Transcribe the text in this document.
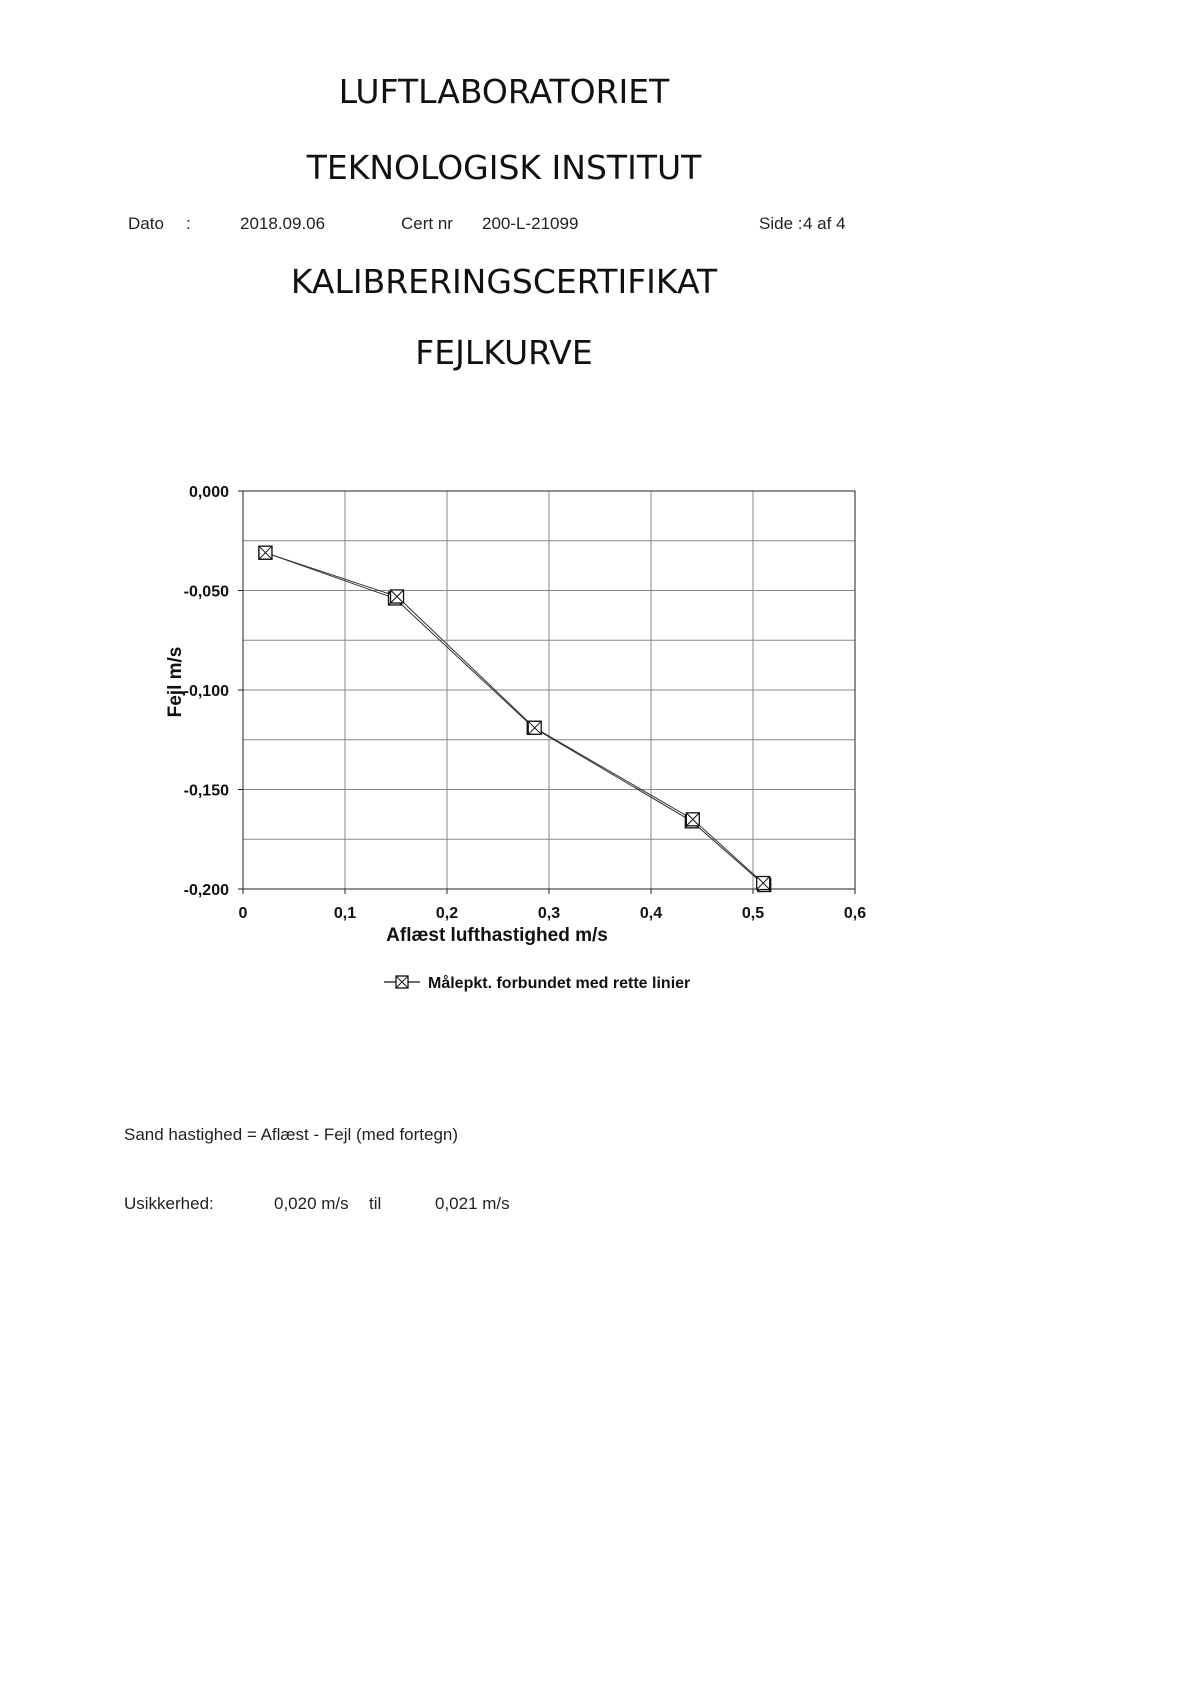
LUFTLABORATORIET
TEKNOLOGISK INSTITUT
Dato :	2018.09.06	Cert nr 200-L-21099	Side : 4 af 4
KALIBRERINGSCERTIFIKAT
FEJLKURVE
0	0,1	0,2	0,3	0,4	0,5	0,6
0,000
-0,050
-0,100
-0,150
-0,200
Aflæst lufthastighed m/s
Fejl m/s
Målepkt. forbundet med rette linier
Sand hastighed = Aflæst - Fejl (med fortegn)
Usikkerhed:	0,020 m/s til	0,021 m/s
